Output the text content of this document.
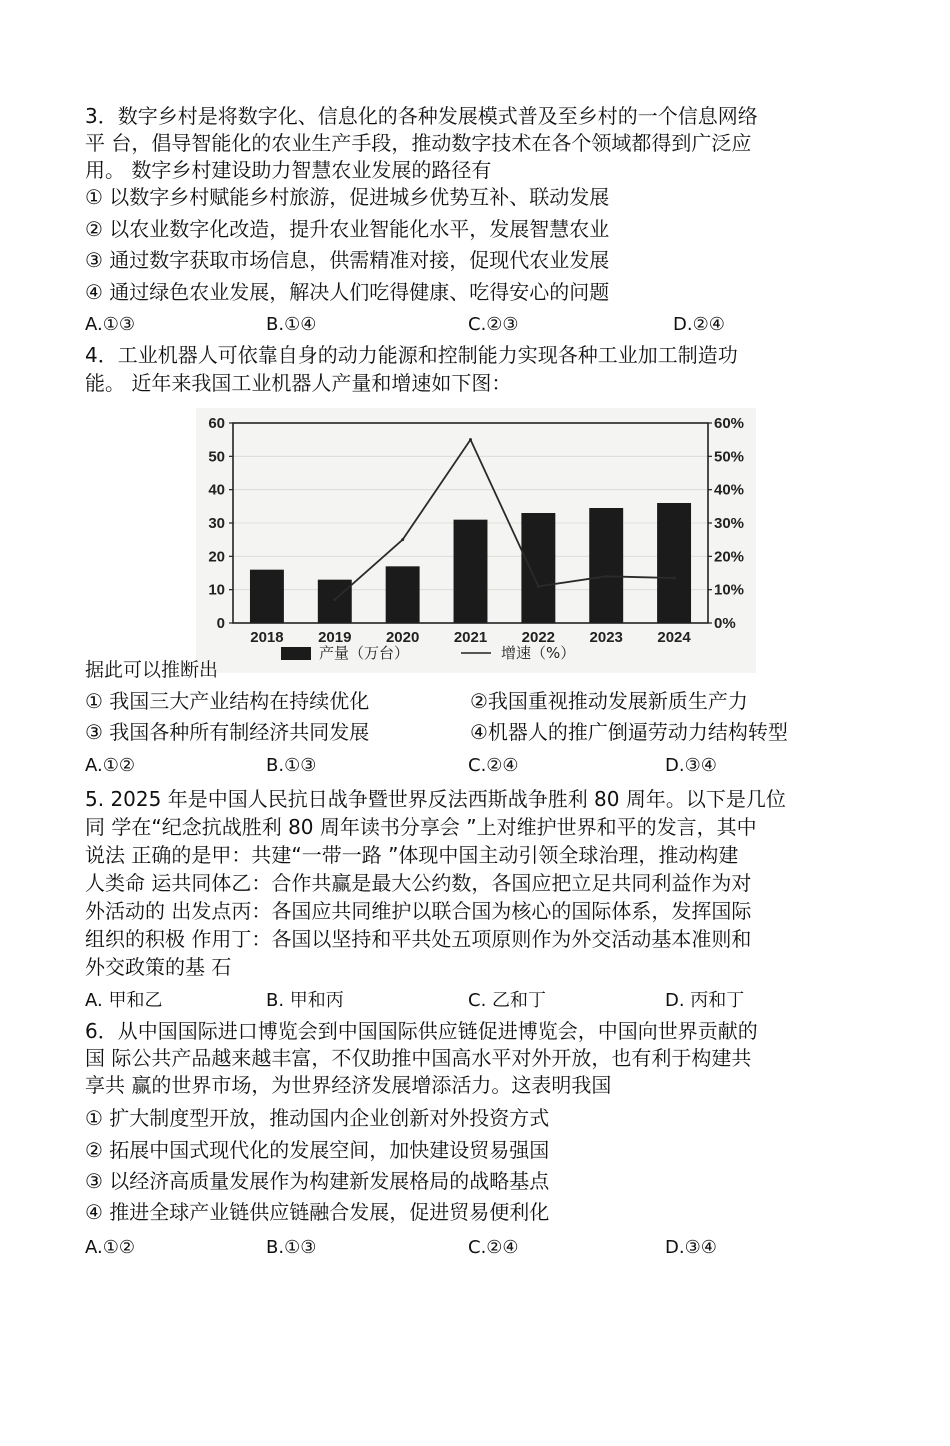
3．数字乡村是将数字化、信息化的各种发展模式普及至乡村的一个信息网络
平 台，倡导智能化的农业生产手段，推动数字技术在各个领域都得到广泛应
用。 数字乡村建设助力智慧农业发展的路径有
① 以数字乡村赋能乡村旅游，促进城乡优势互补、联动发展
② 以农业数字化改造，提升农业智能化水平，发展智慧农业
③ 通过数字获取市场信息，供需精准对接，促现代农业发展
④ 通过绿色农业发展，解决人们吃得健康、吃得安心的问题
A.①③	B.①④	C.②③	D.②④
4．工业机器人可依靠自身的动力能源和控制能力实现各种工业加工制造功
能。 近年来我国工业机器人产量和增速如下图：
0
10
20
30
40
50
60
0%
10%
20%
30%
40%
50%
60%
2018 2019 2020 2021 2022 2023 2024
产量（万台）	增速（%）
据此可以推断出
① 我国三大产业结构在持续优化	②我国重视推动发展新质生产力
③ 我国各种所有制经济共同发展	④机器人的推广倒逼劳动力结构转型
A.①②	B.①③	C.②④	D.③④
5. 2025 年是中国人民抗日战争暨世界反法西斯战争胜利 80 周年。以下是几位
同 学在“纪念抗战胜利 80 周年读书分享会 ”上对维护世界和平的发言，其中
说法 正确的是甲：共建“一带一路 ”体现中国主动引领全球治理，推动构建
人类命 运共同体乙：合作共赢是最大公约数，各国应把立足共同利益作为对
外活动的 出发点丙：各国应共同维护以联合国为核心的国际体系，发挥国际
组织的积极 作用丁：各国以坚持和平共处五项原则作为外交活动基本准则和
外交政策的基 石
A. 甲和乙	B. 甲和丙	C. 乙和丁	D. 丙和丁
6．从中国国际进口博览会到中国国际供应链促进博览会，中国向世界贡献的
国 际公共产品越来越丰富，不仅助推中国高水平对外开放，也有利于构建共
享共 赢的世界市场，为世界经济发展增添活力。这表明我国
① 扩大制度型开放，推动国内企业创新对外投资方式
② 拓展中国式现代化的发展空间，加快建设贸易强国
③ 以经济高质量发展作为构建新发展格局的战略基点
④ 推进全球产业链供应链融合发展，促进贸易便利化
A.①②	B.①③	C.②④	D.③④
